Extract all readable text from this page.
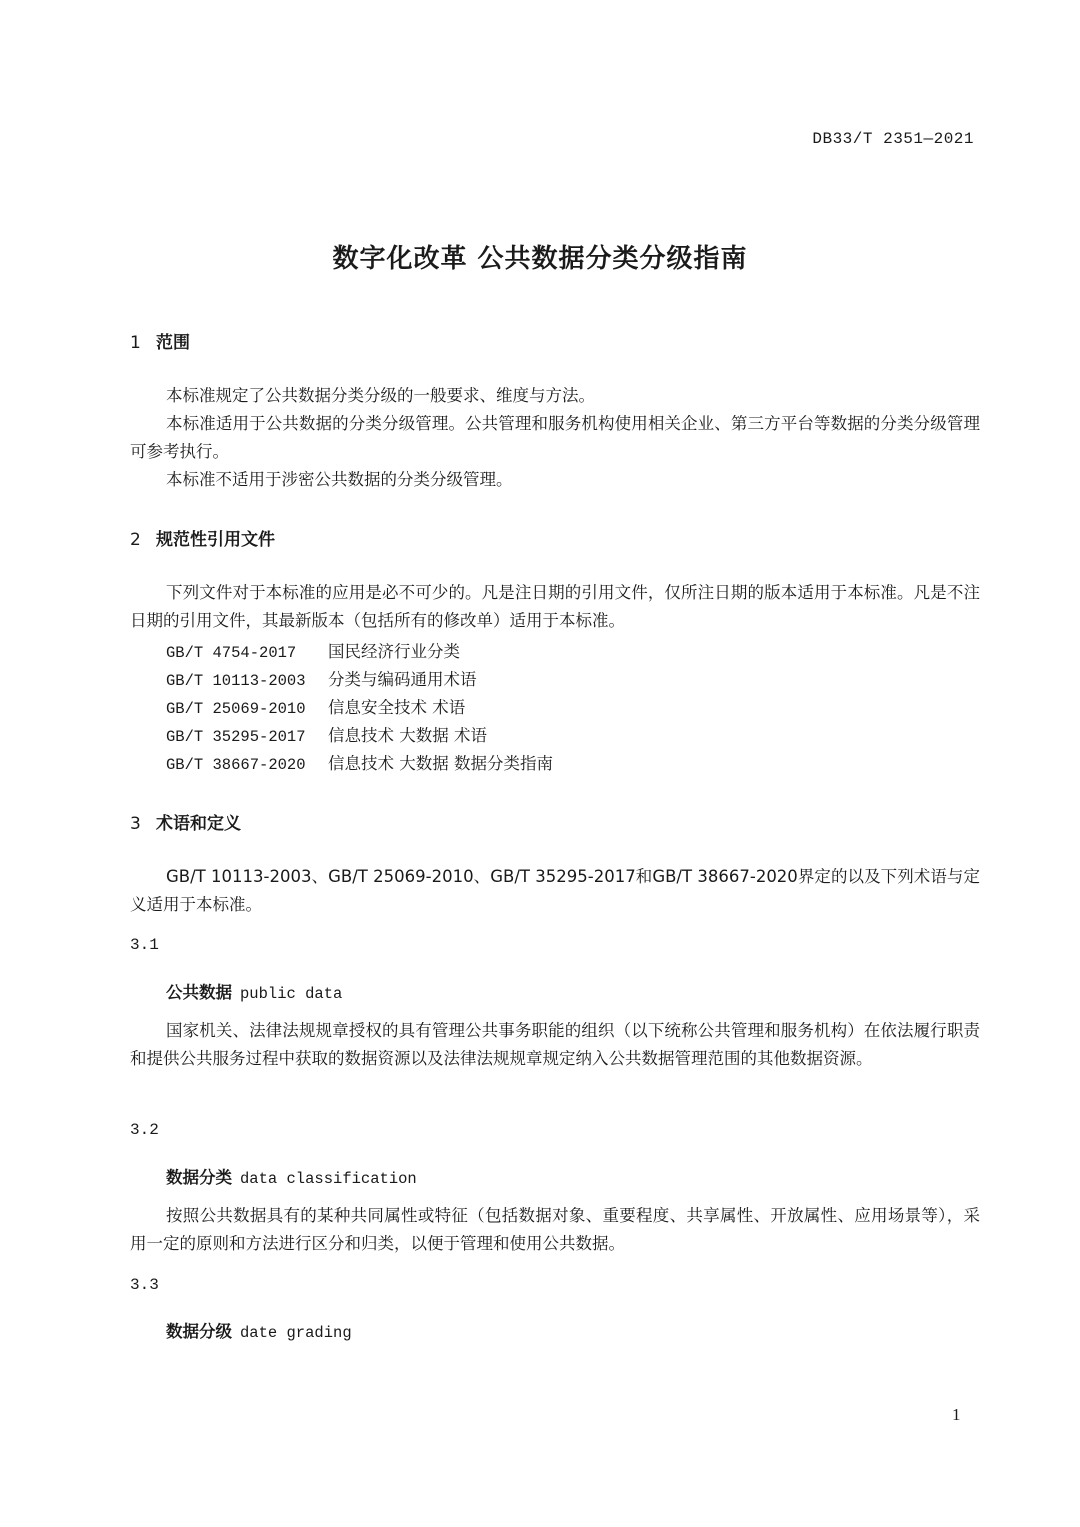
DB33/T 2351—2021
数字化改革 公共数据分类分级指南
1 范围
本标准规定了公共数据分类分级的一般要求、维度与方法。
本标准适用于公共数据的分类分级管理。公共管理和服务机构使用相关企业、第三方平台等数据的分类分级管理可参考执行。
本标准不适用于涉密公共数据的分类分级管理。
2 规范性引用文件
下列文件对于本标准的应用是必不可少的。凡是注日期的引用文件，仅所注日期的版本适用于本标准。凡是不注日期的引用文件，其最新版本（包括所有的修改单）适用于本标准。
GB/T 4754-2017 国民经济行业分类
GB/T 10113-2003 分类与编码通用术语
GB/T 25069-2010 信息安全技术 术语
GB/T 35295-2017 信息技术 大数据 术语
GB/T 38667-2020 信息技术 大数据 数据分类指南
3 术语和定义
GB/T 10113-2003、GB/T 25069-2010、GB/T 35295-2017和GB/T 38667-2020界定的以及下列术语与定义适用于本标准。
3.1
公共数据 public data
国家机关、法律法规规章授权的具有管理公共事务职能的组织（以下统称公共管理和服务机构）在依法履行职责和提供公共服务过程中获取的数据资源以及法律法规规章规定纳入公共数据管理范围的其他数据资源。
3.2
数据分类 data classification
按照公共数据具有的某种共同属性或特征（包括数据对象、重要程度、共享属性、开放属性、应用场景等），采用一定的原则和方法进行区分和归类，以便于管理和使用公共数据。
3.3
数据分级 date grading
1
